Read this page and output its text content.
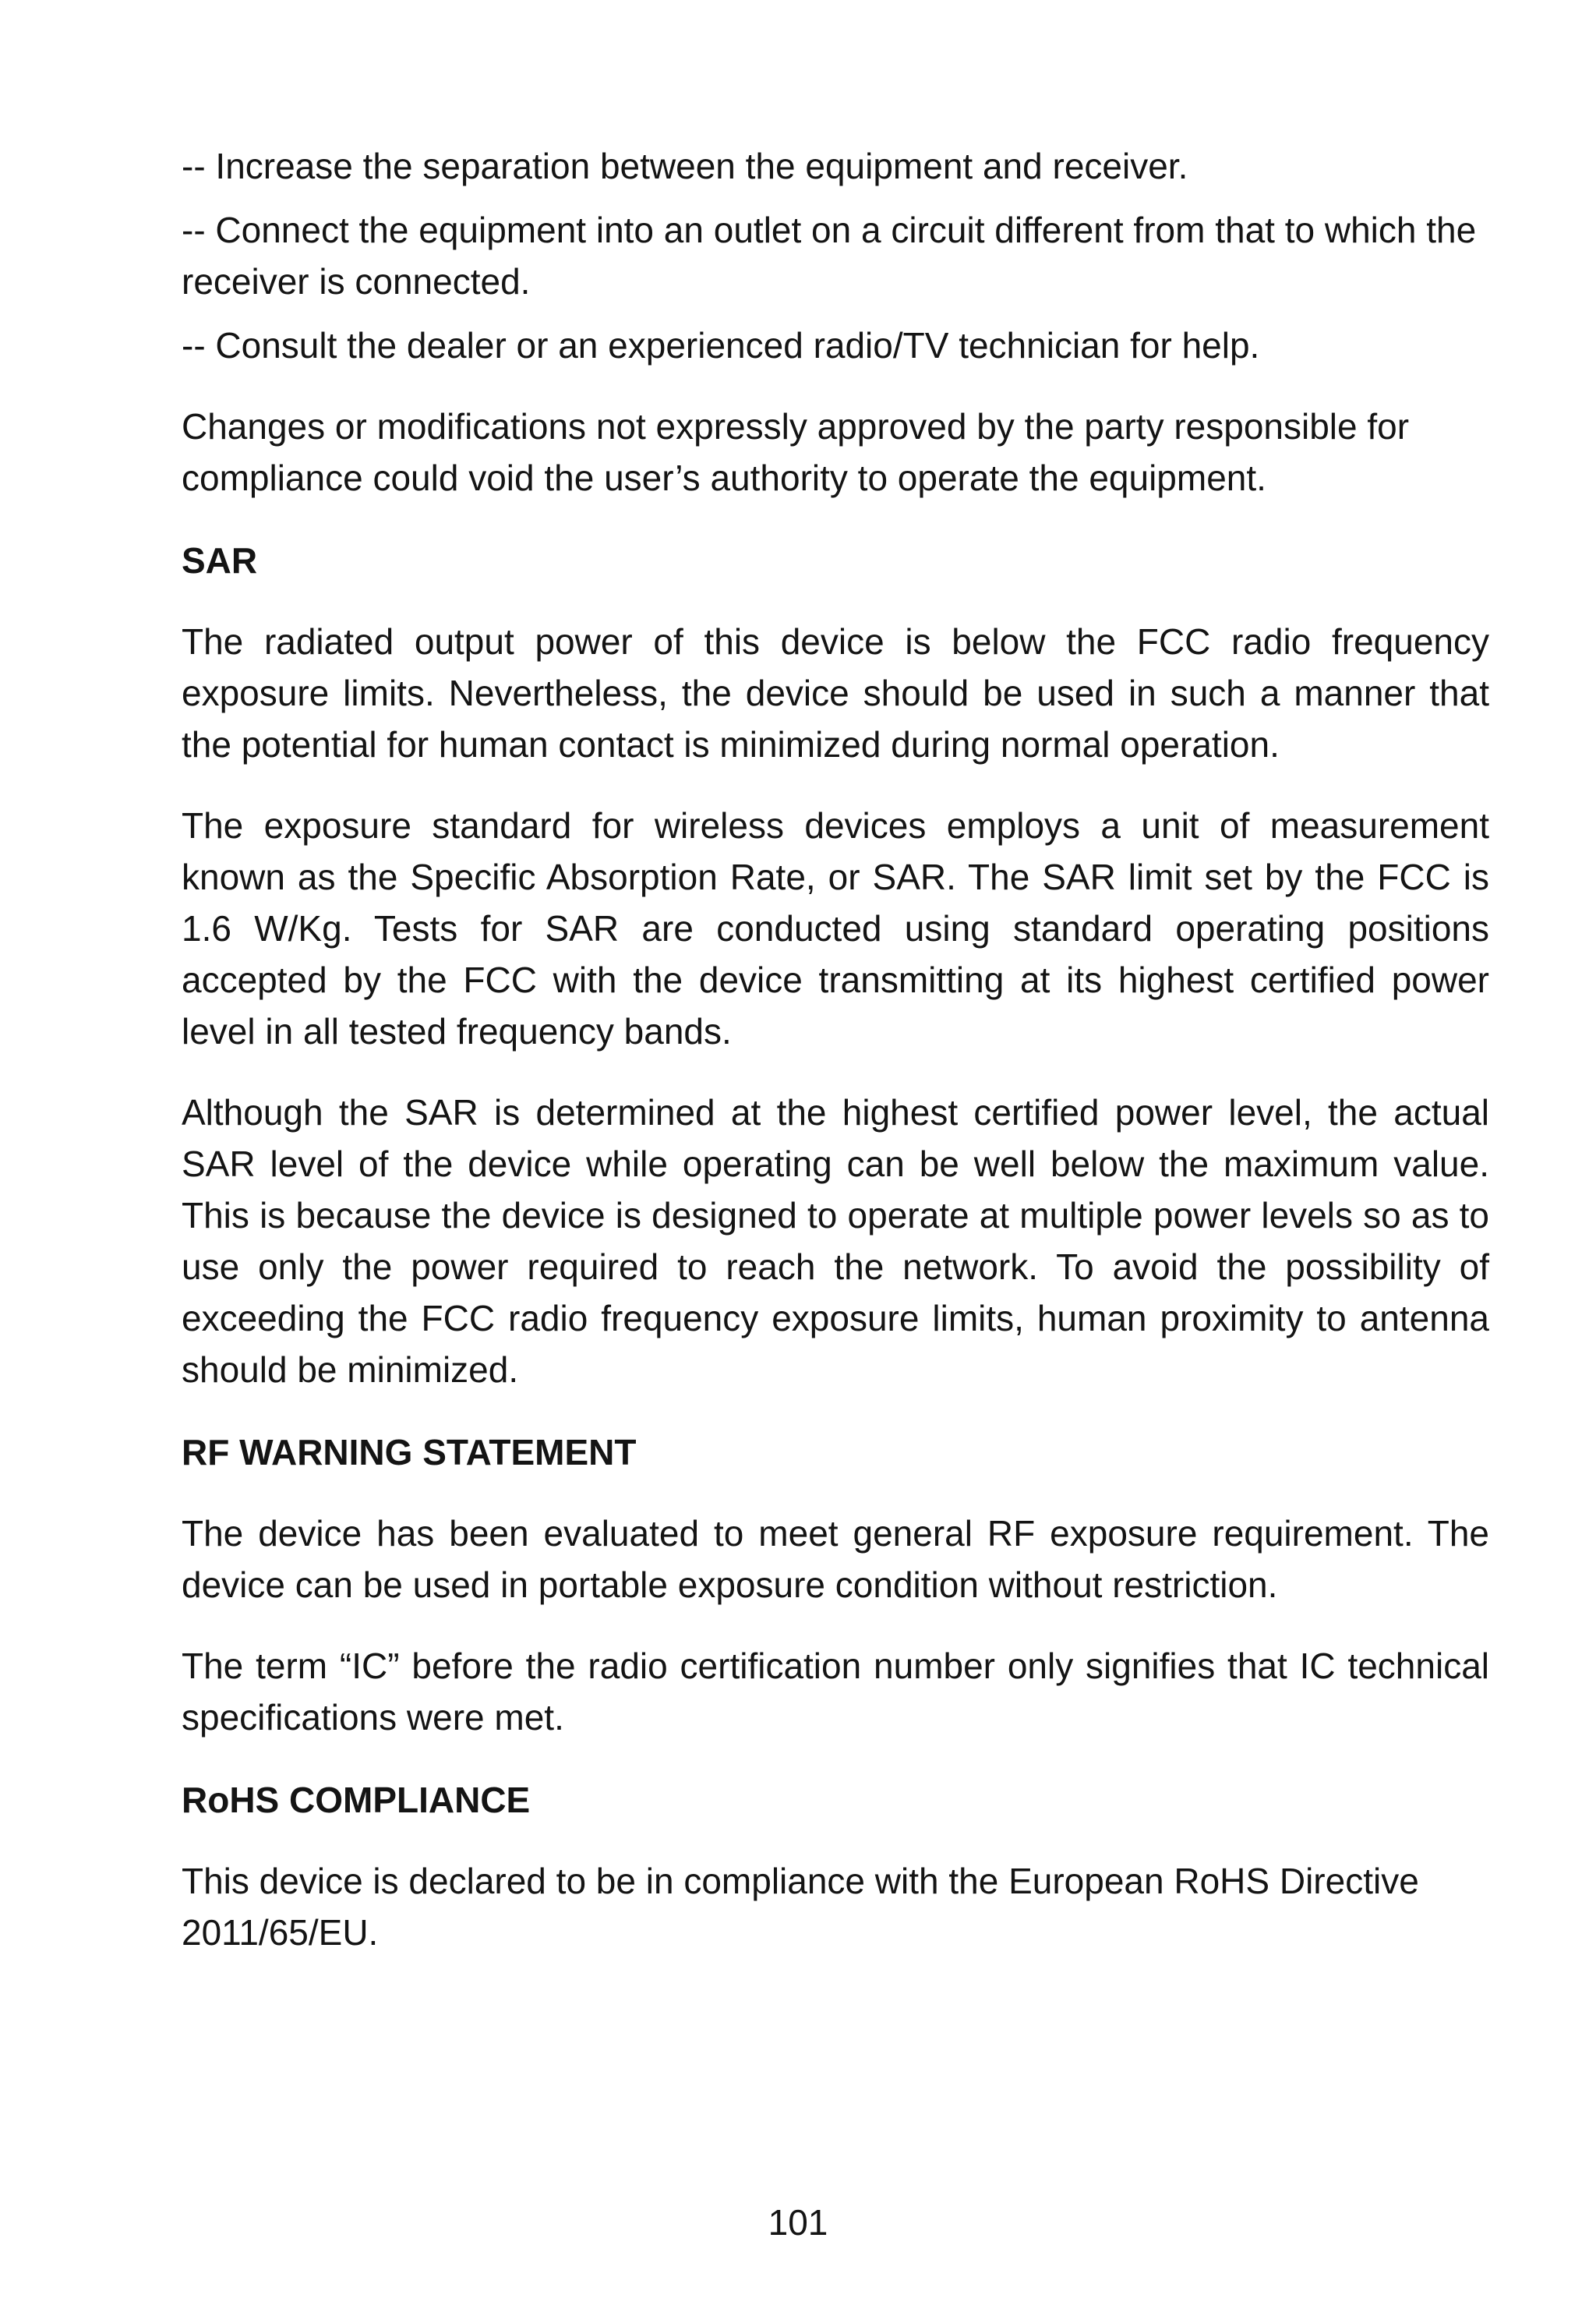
-- Increase the separation between the equipment and receiver.

-- Connect the equipment into an outlet on a circuit different from that to which the receiver is connected.

-- Consult the dealer or an experienced radio/TV technician for help.

Changes or modifications not expressly approved by the party responsible for compliance could void the user’s authority to operate the equipment.

SAR

The radiated output power of this device is below the FCC radio frequency exposure limits. Nevertheless, the device should be used in such a manner that the potential for human contact is minimized during normal operation.

The exposure standard for wireless devices employs a unit of measurement known as the Specific Absorption Rate, or SAR. The SAR limit set by the FCC is 1.6 W/Kg. Tests for SAR are conducted using standard operating positions accepted by the FCC with the device transmitting at its highest certified power level in all tested frequency bands.

Although the SAR is determined at the highest certified power level, the actual SAR level of the device while operating can be well below the maximum value. This is because the device is designed to operate at multiple power levels so as to use only the power required to reach the network. To avoid the possibility of exceeding the FCC radio frequency exposure limits, human proximity to antenna should be minimized.

RF WARNING STATEMENT

The device has been evaluated to meet general RF exposure requirement. The device can be used in portable exposure condition without restriction.

The term “IC” before the radio certification number only signifies that IC technical specifications were met.

RoHS COMPLIANCE

This device is declared to be in compliance with the European RoHS Directive 2011/65/EU.

101
